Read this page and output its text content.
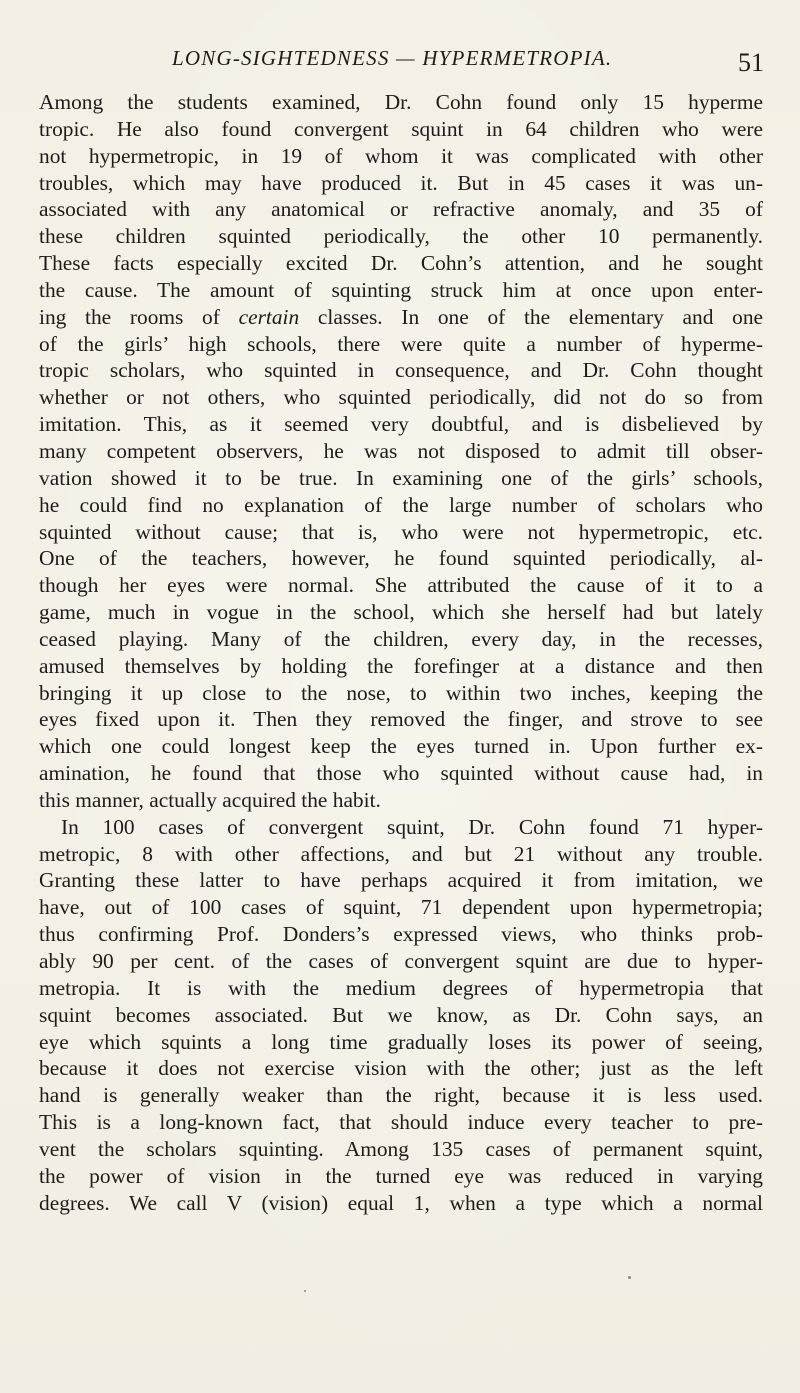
LONG-SIGHTEDNESS — HYPERMETROPIA.	51
Among the students examined, Dr. Cohn found only 15 hyperme
tropic. He also found convergent squint in 64 children who were
not hypermetropic, in 19 of whom it was complicated with other
troubles, which may have produced it. But in 45 cases it was un-
associated with any anatomical or refractive anomaly, and 35 of
these children squinted periodically, the other 10 permanently.
These facts especially excited Dr. Cohn’s attention, and he sought
the cause. The amount of squinting struck him at once upon enter-
ing the rooms of certain classes. In one of the elementary and one
of the girls’ high schools, there were quite a number of hyperme-
tropic scholars, who squinted in consequence, and Dr. Cohn thought
whether or not others, who squinted periodically, did not do so from
imitation. This, as it seemed very doubtful, and is disbelieved by
many competent observers, he was not disposed to admit till obser-
vation showed it to be true. In examining one of the girls’ schools,
he could find no explanation of the large number of scholars who
squinted without cause; that is, who were not hypermetropic, etc.
One of the teachers, however, he found squinted periodically, al-
though her eyes were normal. She attributed the cause of it to a
game, much in vogue in the school, which she herself had but lately
ceased playing. Many of the children, every day, in the recesses,
amused themselves by holding the forefinger at a distance and then
bringing it up close to the nose, to within two inches, keeping the
eyes fixed upon it. Then they removed the finger, and strove to see
which one could longest keep the eyes turned in. Upon further ex-
amination, he found that those who squinted without cause had, in
this manner, actually acquired the habit.
In 100 cases of convergent squint, Dr. Cohn found 71 hyper-
metropic, 8 with other affections, and but 21 without any trouble.
Granting these latter to have perhaps acquired it from imitation, we
have, out of 100 cases of squint, 71 dependent upon hypermetropia;
thus confirming Prof. Donders’s expressed views, who thinks prob-
ably 90 per cent. of the cases of convergent squint are due to hyper-
metropia. It is with the medium degrees of hypermetropia that
squint becomes associated. But we know, as Dr. Cohn says, an
eye which squints a long time gradually loses its power of seeing,
because it does not exercise vision with the other; just as the left
hand is generally weaker than the right, because it is less used.
This is a long-known fact, that should induce every teacher to pre-
vent the scholars squinting. Among 135 cases of permanent squint,
the power of vision in the turned eye was reduced in varying
degrees. We call V (vision) equal 1, when a type which a normal
